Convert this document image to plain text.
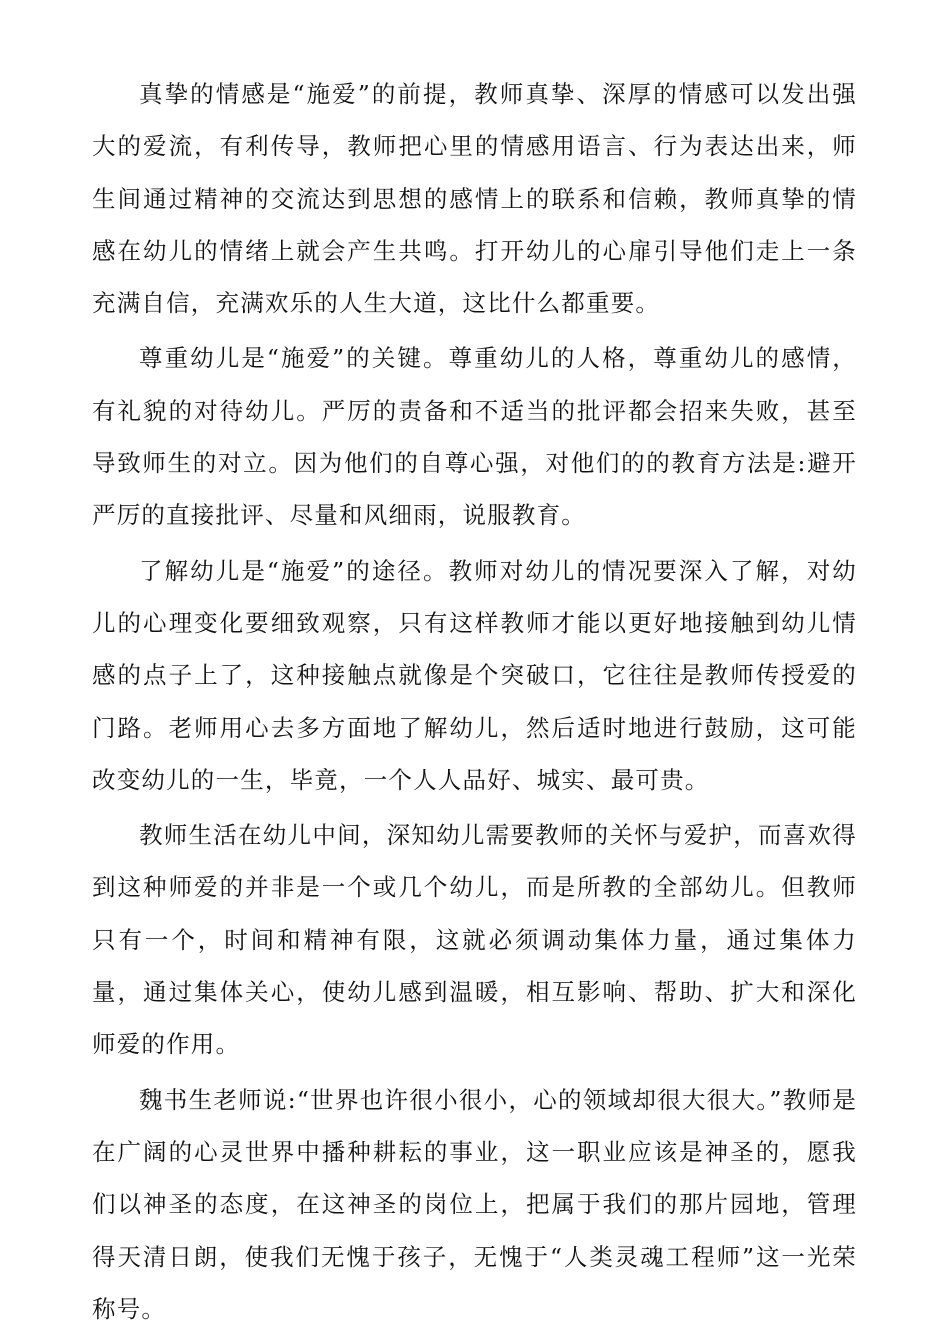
真挚的情感是“施爱”的前提，教师真挚、深厚的情感可以发出强大的爱流，有利传导，教师把心里的情感用语言、行为表达出来，师生间通过精神的交流达到思想的感情上的联系和信赖，教师真挚的情感在幼儿的情绪上就会产生共鸣。打开幼儿的心扉引导他们走上一条充满自信，充满欢乐的人生大道，这比什么都重要。

尊重幼儿是“施爱”的关键。尊重幼儿的人格，尊重幼儿的感情，有礼貌的对待幼儿。严厉的责备和不适当的批评都会招来失败，甚至导致师生的对立。因为他们的自尊心强，对他们的的教育方法是:避开严厉的直接批评、尽量和风细雨，说服教育。

了解幼儿是“施爱”的途径。教师对幼儿的情况要深入了解，对幼儿的心理变化要细致观察，只有这样教师才能以更好地接触到幼儿情感的点子上了，这种接触点就像是个突破口，它往往是教师传授爱的门路。老师用心去多方面地了解幼儿，然后适时地进行鼓励，这可能改变幼儿的一生，毕竟，一个人人品好、城实、最可贵。

教师生活在幼儿中间，深知幼儿需要教师的关怀与爱护，而喜欢得到这种师爱的并非是一个或几个幼儿，而是所教的全部幼儿。但教师只有一个，时间和精神有限，这就必须调动集体力量，通过集体力量，通过集体关心，使幼儿感到温暖，相互影响、帮助、扩大和深化师爱的作用。

魏书生老师说:“世界也许很小很小，心的领域却很大很大。”教师是在广阔的心灵世界中播种耕耘的事业，这一职业应该是神圣的，愿我们以神圣的态度，在这神圣的岗位上，把属于我们的那片园地，管理得天清日朗，使我们无愧于孩子，无愧于“人类灵魂工程师”这一光荣称号。
